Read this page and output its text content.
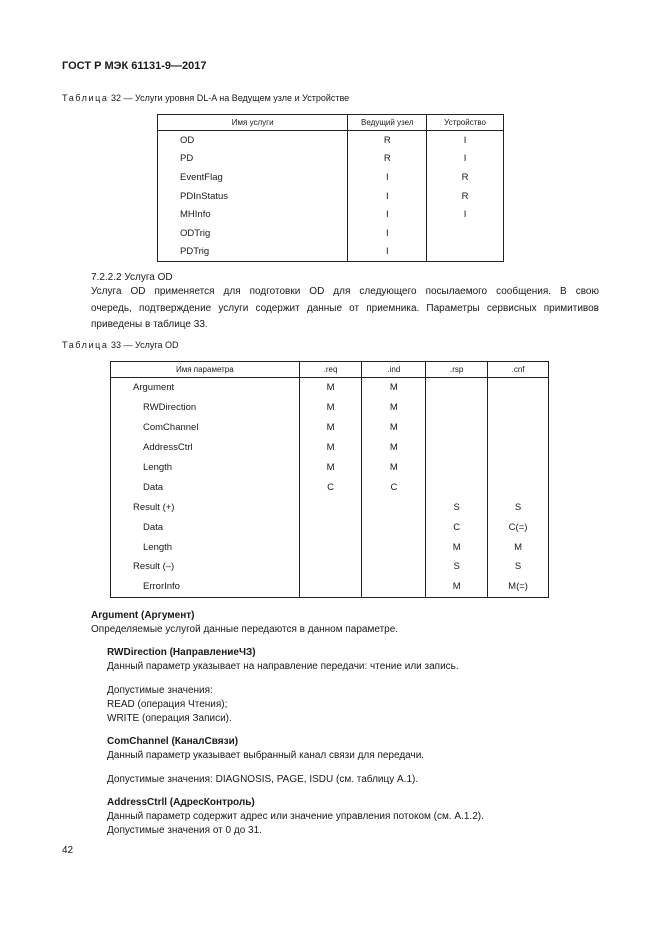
ГОСТ Р МЭК 61131-9—2017
Таблица 32 — Услуги уровня DL-A на Ведущем узле и Устройстве
Имя услуги	Ведущий узел	Устройство
OD	R	I
PD	R	I
EventFlag	I	R
PDInStatus	I	R
MHInfo	I	I
ODTrig	I	
PDTrig	I	
7.2.2.2 Услуга OD
Услуга OD применяется для подготовки OD для следующего посылаемого сообщения. В свою
очередь, подтверждение услуги содержит данные от приемника. Параметры сервисных примитивов
приведены в таблице 33.
Таблица 33 — Услуга OD
Имя параметра	.req	.ind	.rsp	.cnf
Argument	M	M		
RWDirection	M	M		
ComChannel	M	M		
AddressCtrl	M	M		
Length	M	M		
Data	C	C		
Result (+)			S	S
Data			C	C(=)
Length			M	M
Result (–)			S	S
ErrorInfo			M	M(=)
Argument (Аргумент)
Определяемые услугой данные передаются в данном параметре.
RWDirection (НаправлениеЧЗ)
Данный параметр указывает на направление передачи: чтение или запись.
Допустимые значения:
READ (операция Чтения);
WRITE (операция Записи).
ComChannel (КаналСвязи)
Данный параметр указывает выбранный канал связи для передачи.
Допустимые значения: DIAGNOSIS, PAGE, ISDU (см. таблицу А.1).
AddressCtrll (АдресКонтроль)
Данный параметр содержит адрес или значение управления потоком (см. А.1.2).
Допустимые значения от 0 до 31.
42
